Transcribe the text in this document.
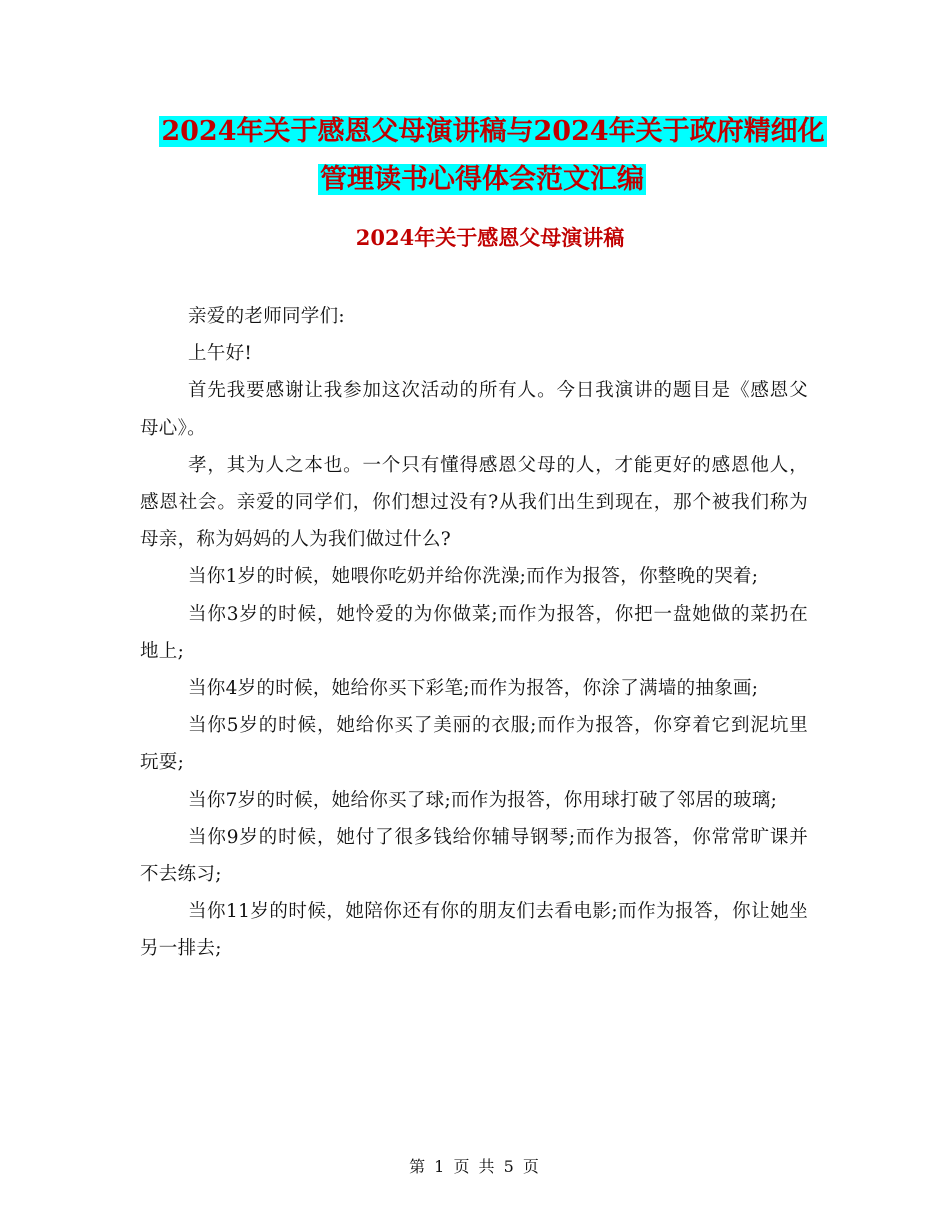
2024年关于感恩父母演讲稿与2024年关于政府精细化
管理读书心得体会范文汇编
2024年关于感恩父母演讲稿

亲爱的老师同学们:

上午好!

首先我要感谢让我参加这次活动的所有人。今日我演讲的题目是《感恩父母心》。

孝，其为人之本也。一个只有懂得感恩父母的人，才能更好的感恩他人，感恩社会。亲爱的同学们，你们想过没有?从我们出生到现在，那个被我们称为母亲，称为妈妈的人为我们做过什么?

当你1岁的时候，她喂你吃奶并给你洗澡;而作为报答，你整晚的哭着;

当你3岁的时候，她怜爱的为你做菜;而作为报答，你把一盘她做的菜扔在地上;

当你4岁的时候，她给你买下彩笔;而作为报答，你涂了满墙的抽象画;

当你5岁的时候，她给你买了美丽的衣服;而作为报答，你穿着它到泥坑里玩耍;

当你7岁的时候，她给你买了球;而作为报答，你用球打破了邻居的玻璃;

当你9岁的时候，她付了很多钱给你辅导钢琴;而作为报答，你常常旷课并不去练习;

当你11岁的时候，她陪你还有你的朋友们去看电影;而作为报答，你让她坐另一排去;

第 1 页 共 5 页
